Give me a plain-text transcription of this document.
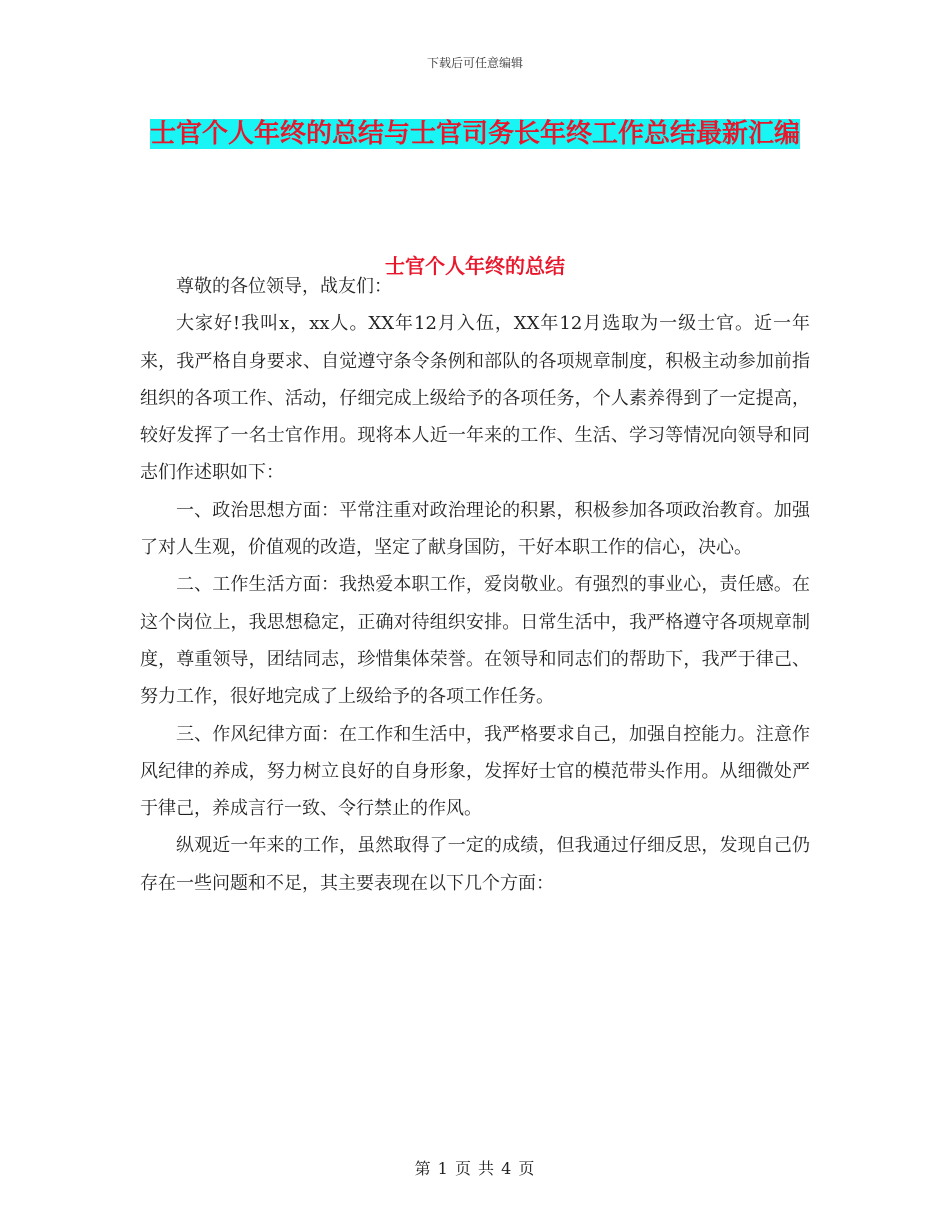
下载后可任意编辑
士官个人年终的总结与士官司务长年终工作总结最新汇编
士官个人年终的总结

尊敬的各位领导，战友们：

大家好!我叫x，xx人。XX年12月入伍，XX年12月选取为一级士官。近一年来，我严格自身要求、自觉遵守条令条例和部队的各项规章制度，积极主动参加前指组织的各项工作、活动，仔细完成上级给予的各项任务，个人素养得到了一定提高，较好发挥了一名士官作用。现将本人近一年来的工作、生活、学习等情况向领导和同志们作述职如下：

一、政治思想方面：平常注重对政治理论的积累，积极参加各项政治教育。加强了对人生观，价值观的改造，坚定了献身国防，干好本职工作的信心，决心。

二、工作生活方面：我热爱本职工作，爱岗敬业。有强烈的事业心，责任感。在这个岗位上，我思想稳定，正确对待组织安排。日常生活中，我严格遵守各项规章制度，尊重领导，团结同志，珍惜集体荣誉。在领导和同志们的帮助下，我严于律己、努力工作，很好地完成了上级给予的各项工作任务。

三、作风纪律方面：在工作和生活中，我严格要求自己，加强自控能力。注意作风纪律的养成，努力树立良好的自身形象，发挥好士官的模范带头作用。从细微处严于律己，养成言行一致、令行禁止的作风。

纵观近一年来的工作，虽然取得了一定的成绩，但我通过仔细反思，发现自己仍存在一些问题和不足，其主要表现在以下几个方面：

第 1 页 共 4 页
